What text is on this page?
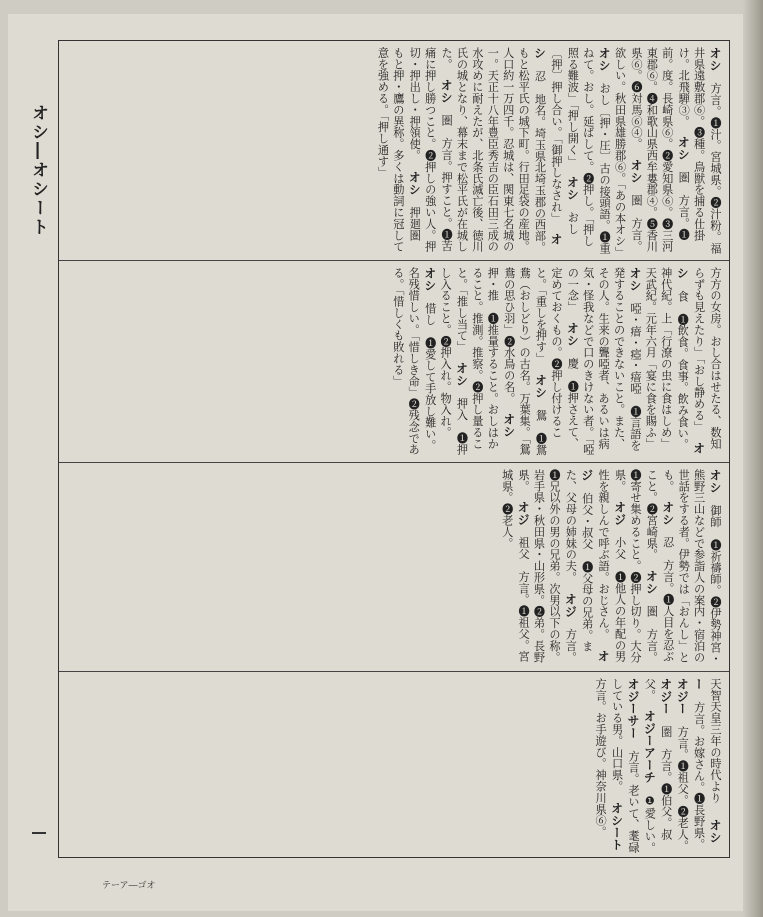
オシ　方言。❶汁。宮城県。❷汁粉。福井県遠敷郡⑥。❸種。鳥獣を捕る仕掛け。北飛騨③。　 オシ　圏　方言。❶前。度。長崎県⑥。❷愛知県⑥。❸三河東郡⑥。❹和歌山県西牟婁郡④。❺香川県⑥。❻対馬⑥④。　 オシ　圏　方言。欲しい。秋田県雄勝郡⑥。「あの本オシ」　 オシ　おし〔押・圧〕古の接頭語。❶重ねて。おし。延ばして。❷押し。「押し照る難波」「押し開く」　 オシ　おし〔押〕押し合い。「御押しなされ」　 オシ　忍　地名。埼玉県北埼玉郡の西部。もと松平氏の城下町。行田足袋の産地。人口約一万四千。忍城は、関東七名城の一。天正十八年豊臣秀吉の臣石田三成の水攻めに耐えたが、北条氏滅亡後、徳川氏の城となり、幕末まで松平氏が在城した。　 オシ　圏　方言。押すこと。❶苦痛に押し勝つこと。❷押しの強い人。押切・押出し・押領使。　 オシ　押廻圏　もと押・鷹の異称。多くは動詞に冠して意を強める。「押し通す」
方方の女房。おし合はせたる、数知らずも見えたり」「おし静める」　 オシ　食　❶飲食。食事。飲み食い。神代紀。上「行潦の虫に食はしめ」天武紀。元年六月「宴に食を賜ふ」　 オシ　啞・瘖・瘂・瘖啞　❶言語を発することのできないこと。また、その人。生来の聾啞者、あるいは病気・怪我などで口のきけない者。「啞の一念」　 オシ　慶　❶押さえて、定めておくもの。❷押し付けること。「重しを押す」　 オシ　鴛　❶鴛鴦（おしどり）の古名。万葉集。「鴛鴦の思ひ羽」❷水鳥の名。　 オシ　押・推　❶推量すること。おしはかること。推測。推察。❷押し量ること。「推し当て」　 オシ　押入　❶押し入ること。❷押入れ。物入れ。　 オシ　惜し　❶愛して手放し難い。名残惜しい。「惜しき命」❷残念である。「惜しくも敗れる」
オシ　御師　❶祈禱師。❷伊勢神宮・熊野三山などで参詣人の案内・宿泊の世話をする者。伊勢では「おんし」とも。　 オシ　忍　方言。❶人目を忍ぶこと。❷宮崎県。　 オシ　圏　方言。❶寄せ集めること。❷押し切り。大分県。　 オジ　小父　❶他人の年配の男性を親しんで呼ぶ語。おじさん。　 オジ　伯父・叔父　❶父母の兄弟。また、父母の姉妹の夫。　 オジ　方言。❶兄以外の男の兄弟。次男以下の称。岩手県・秋田県・山形県。❷弟。長野県。　 オジ　祖父　方言。❶祖父。宮城県。❷老人。
天智天皇三年の時代より　 オシー　方言。お嫁さん。❶長野県。　 オジー　方言。❶祖父。❷老人。　 オジー　圏　方言。❶伯父。叔父。　 オジーアーチ　❶愛しい。　 オジーサー　方言。老いて、耄碌している男。山口県。　 オシート　方言。お手遊び。神奈川県⑥。
オシ―オシート
テーア―ゴオ
